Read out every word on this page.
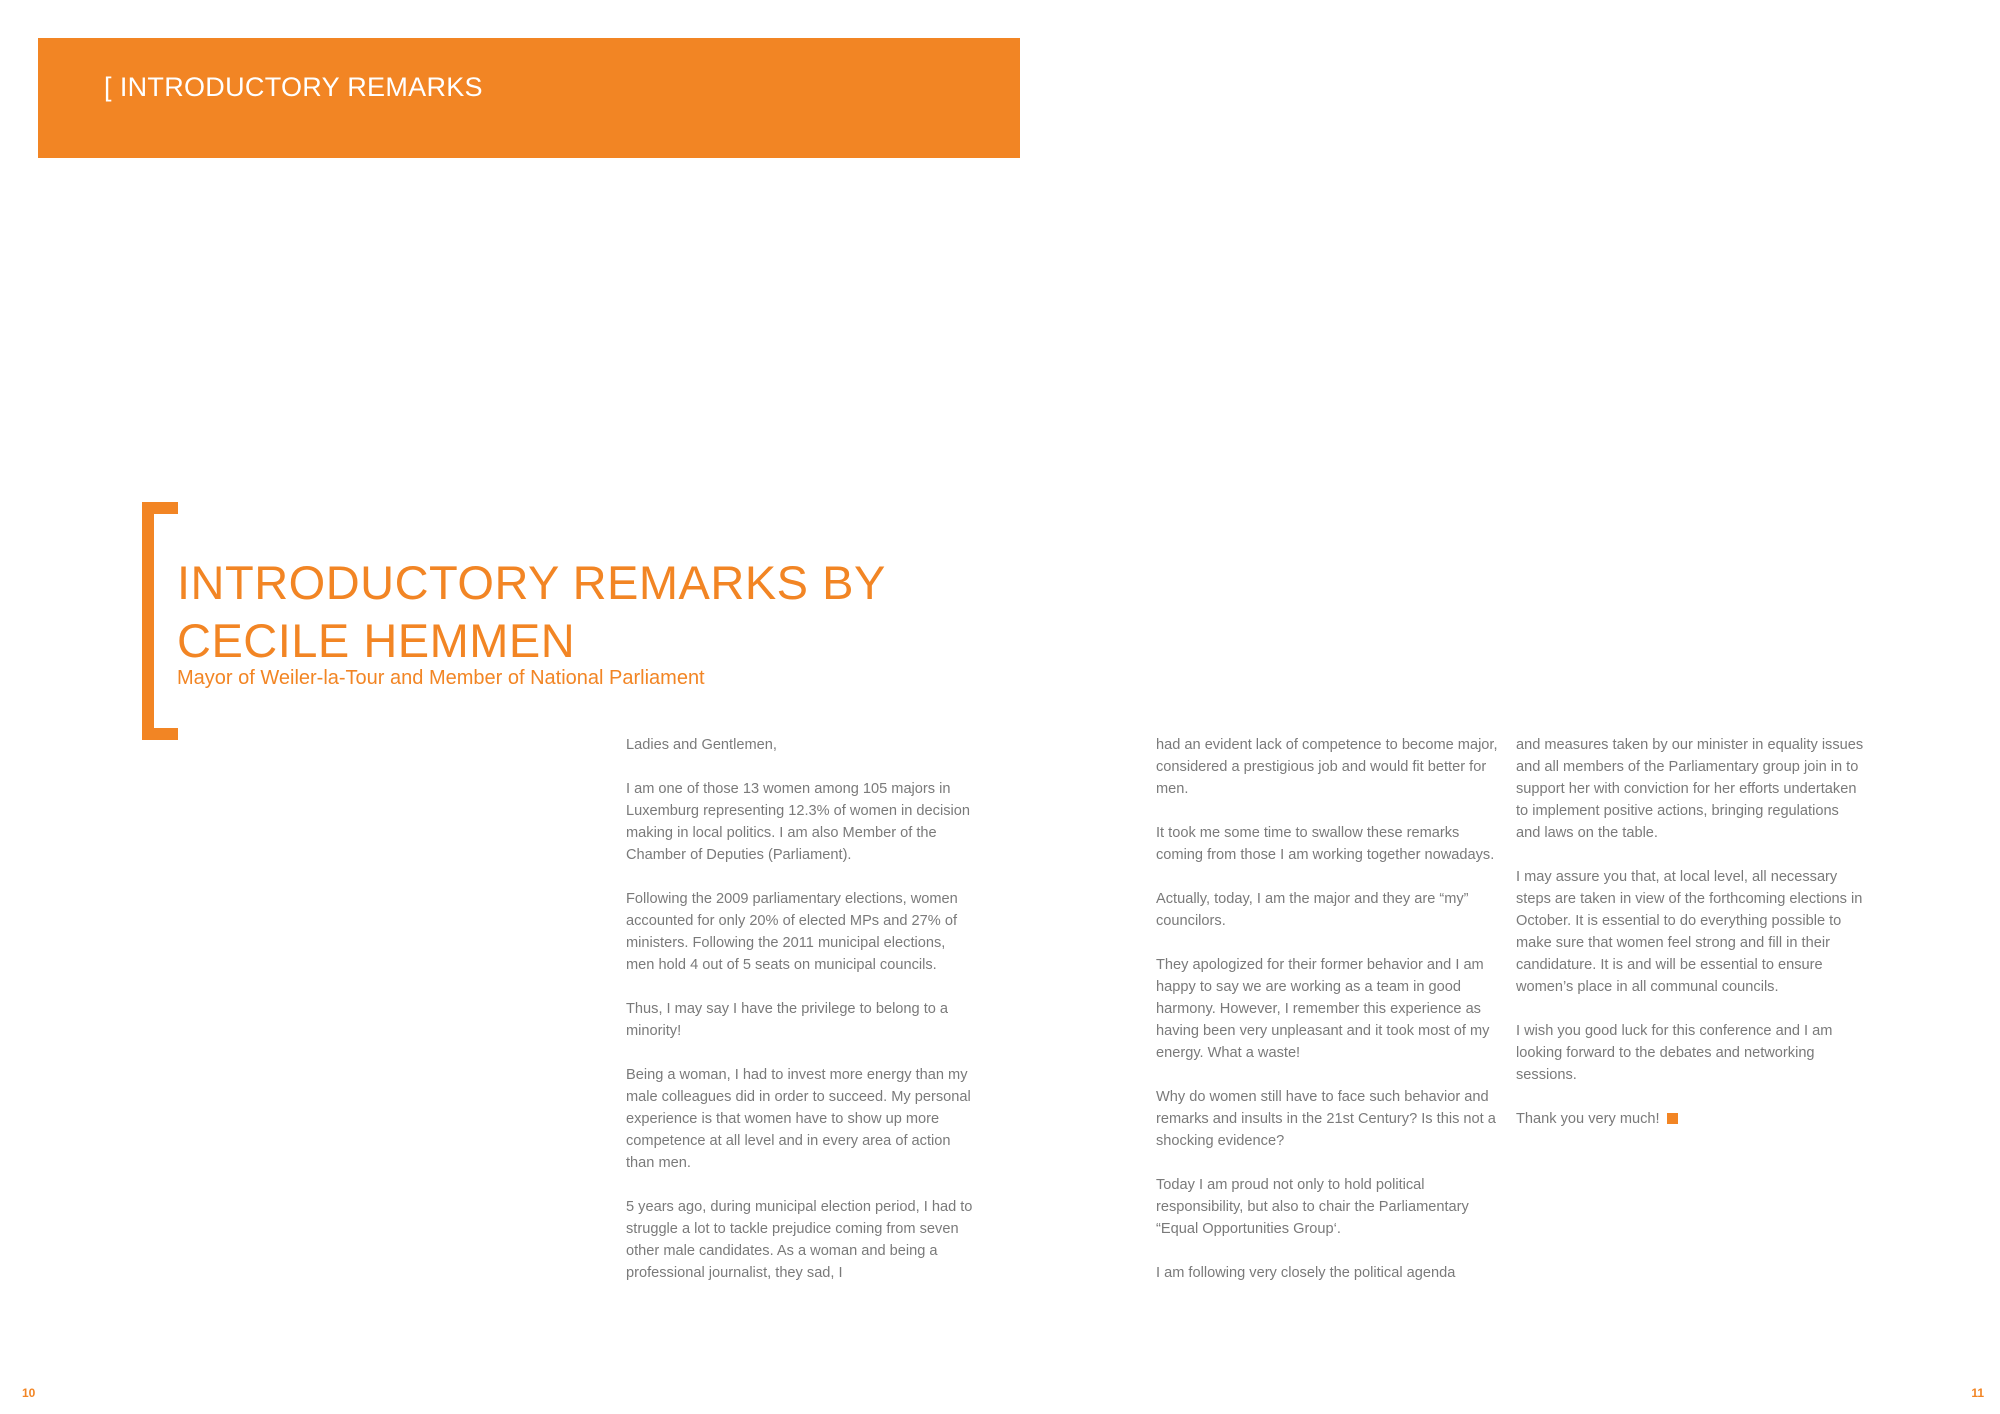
[ INTRODUCTORY REMARKS
INTRODUCTORY REMARKS BY
CECILE HEMMEN
Mayor of Weiler-la-Tour and Member of National Parliament

Ladies and Gentlemen,

I am one of those 13 women among 105 majors in Luxemburg representing 12.3% of women in decision making in local politics. I am also Member of the Chamber of Deputies (Parliament).

Following the 2009 parliamentary elections, women accounted for only 20% of elected MPs and 27% of ministers. Following the 2011 municipal elections, men hold 4 out of 5 seats on municipal councils.

Thus, I may say I have the privilege to belong to a minority!

Being a woman, I had to invest more energy than my male colleagues did in order to succeed. My personal experience is that women have to show up more competence at all level and in every area of action than men.

5 years ago, during municipal election period, I had to struggle a lot to tackle prejudice coming from seven other male candidates. As a woman and being a professional journalist, they sad, I

had an evident lack of competence to become major, considered a prestigious job and would fit better for men.

It took me some time to swallow these remarks coming from those I am working together nowadays.

Actually, today, I am the major and they are “my” councilors.

They apologized for their former behavior and I am happy to say we are working as a team in good harmony. However, I remember this experience as having been very unpleasant and it took most of my energy. What a waste!

Why do women still have to face such behavior and remarks and insults in the 21st Century? Is this not a shocking evidence?

Today I am proud not only to hold political responsibility, but also to chair the Parliamentary “Equal Opportunities Group‘.

I am following very closely the political agenda

and measures taken by our minister in equality issues and all members of the Parliamentary group join in to support her with conviction for her efforts undertaken to implement positive actions, bringing regulations and laws on the table.

I may assure you that, at local level, all necessary steps are taken in view of the forthcoming elections in October. It is essential to do everything possible to make sure that women feel strong and fill in their candidature. It is and will be essential to ensure women’s place in all communal councils.

I wish you good luck for this conference and I am looking forward to the debates and networking sessions.

Thank you very much!

10	11
